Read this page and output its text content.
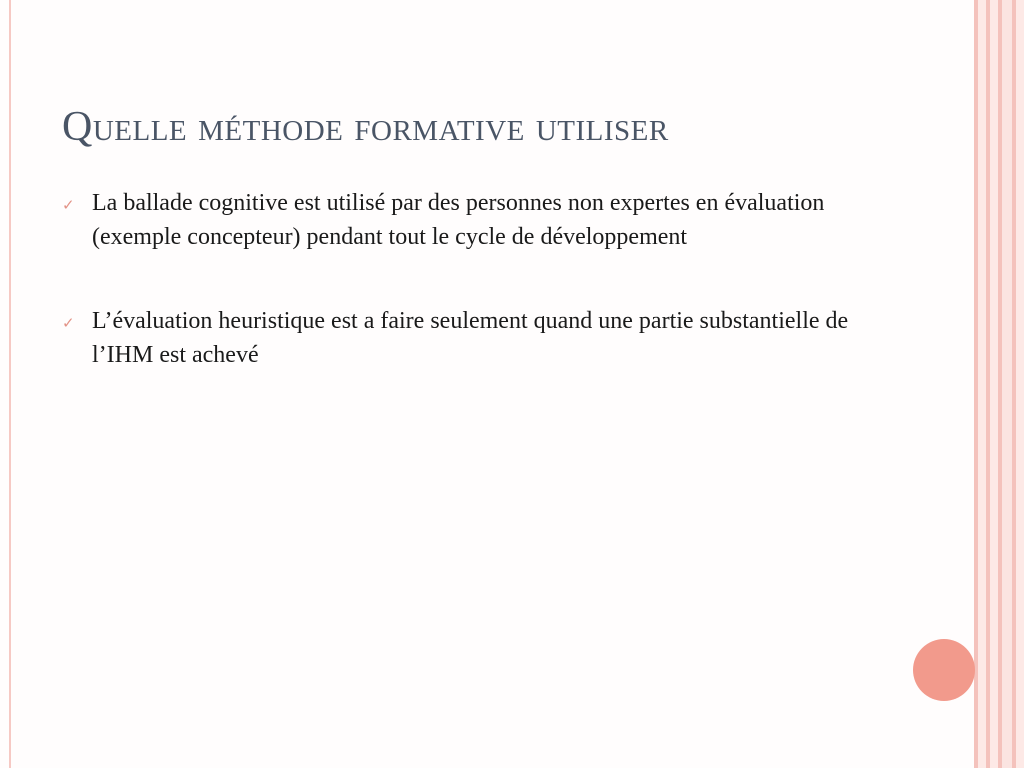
Quelle méthode formative utiliser
✓ La ballade cognitive est utilisé par des personnes non expertes en évaluation (exemple concepteur) pendant tout le cycle de développement
✓ L’évaluation heuristique est a faire seulement quand une partie substantielle de l’IHM est achevé
